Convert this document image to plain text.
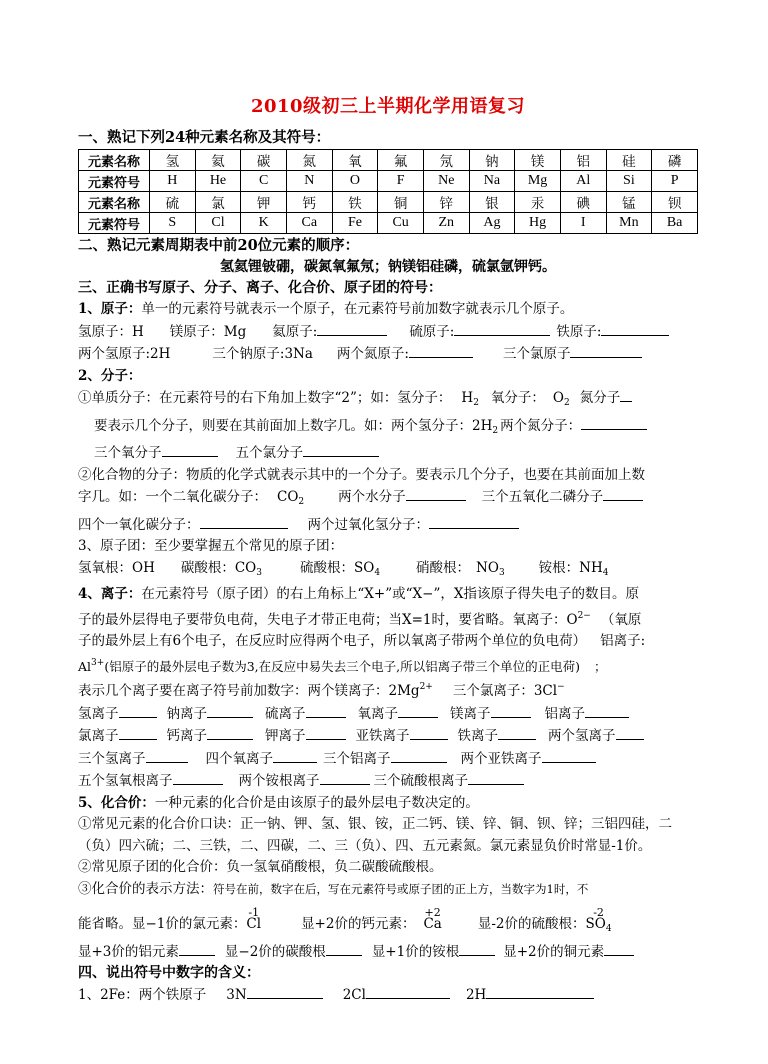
2010级初三上半期化学用语复习
一、熟记下列24种元素名称及其符号：
元素名称	氢	氦	碳	氮	氧	氟	氖	钠	镁	铝	硅	磷
元素符号	H	He	C	N	O	F	Ne	Na	Mg	Al	Si	P
元素名称	硫	氯	钾	钙	铁	铜	锌	银	汞	碘	锰	钡
元素符号	S	Cl	K	Ca	Fe	Cu	Zn	Ag	Hg	I	Mn	Ba
二、熟记元素周期表中前20位元素的顺序：
氢氦锂铍硼，碳氮氧氟氖；钠镁铝硅磷，硫氯氩钾钙。
三、正确书写原子、分子、离子、化合价、原子团的符号：
1、原子：单一的元素符号就表示一个原子，在元素符号前加数字就表示几个原子。
氢原子：H 镁原子：Mg 氦原子:	硫原子:	铁原子:
两个氢原子:2H	三个钠原子:3Na 两个氮原子:	三个氯原子
2、分子：
①单质分子：在元素符号的右下角加上数字“2”；如：氢分子： $H_2$ 氧分子： $O_2$ 氮分子
要表示几个分子，则要在其前面加上数字几。如：两个氢分子：$2H_2$ 两个氮分子：
三个氧分子	五个氯分子
②化合物的分子：物质的化学式就表示其中的一个分子。要表示几个分子，也要在其前面加上数
字几。如：一个二氧化碳分子： $CO_2$	两个水分子	三个五氧化二磷分子
四个一氧化碳分子：	两个过氧化氢分子：
3、原子团：至少要掌握五个常见的原子团：
氢氧根：OH 碳酸根：$CO_3$	硫酸根：$SO_4$	硝酸根： $NO_3$	铵根：$NH_4$
4、离子：在元素符号（原子团）的右上角标上“X+”或“X−”，X指该原子得失电子的数目。原
子的最外层得电子要带负电荷，失电子才带正电荷；当X=1时，要省略。氧离子：$O^{2-}$ （氧原
子的最外层上有6个电子，在反应时应得两个电子，所以氧离子带两个单位的负电荷） 铝离子:
$Al^{3+}$(铝原子的最外层电子数为3,在反应中易失去三个电子,所以铝离子带三个单位的正电荷) ；
表示几个离子要在离子符号前加数字：两个镁离子：$2Mg^{2+}$ 三个氯离子：3Cl−
氢离子	钠离子	硫离子	氧离子	镁离子	铝离子
氯离子	钙离子	钾离子	亚铁离子	铁离子	两个氢离子
三个氢离子	四个氧离子	三个铝离子	两个亚铁离子
五个氢氧根离子	两个铵根离子	三个硫酸根离子
5、化合价：一种元素的化合价是由该原子的最外层电子数决定的。
①常见元素的化合价口诀：正一钠、钾、氢、银、铵，正二钙、镁、锌、铜、钡、锌；三铝四硅，二
（负）四六硫；二、三铁，二、四碳，二、三（负）、四、五元素氮。氯元素显负价时常显-1价。
②常见原子团的化合价：负一氢氧硝酸根，负二碳酸硫酸根。
③化合价的表示方法：符号在前，数字在后，写在元素符号或原子团的正上方，当数字为1时，不
能省略。显−1价的氯元素：
-1
Cl	显+2价的钙元素：
+2
Ca	显-2价的硫酸根：
-2
$SO_4$
显+3价的铝元素	显−2价的碳酸根	显+1价的铵根	显+2价的铜元素
四、说出符号中数字的含义：
1、2Fe：两个铁原子 3N	2Cl	2H
